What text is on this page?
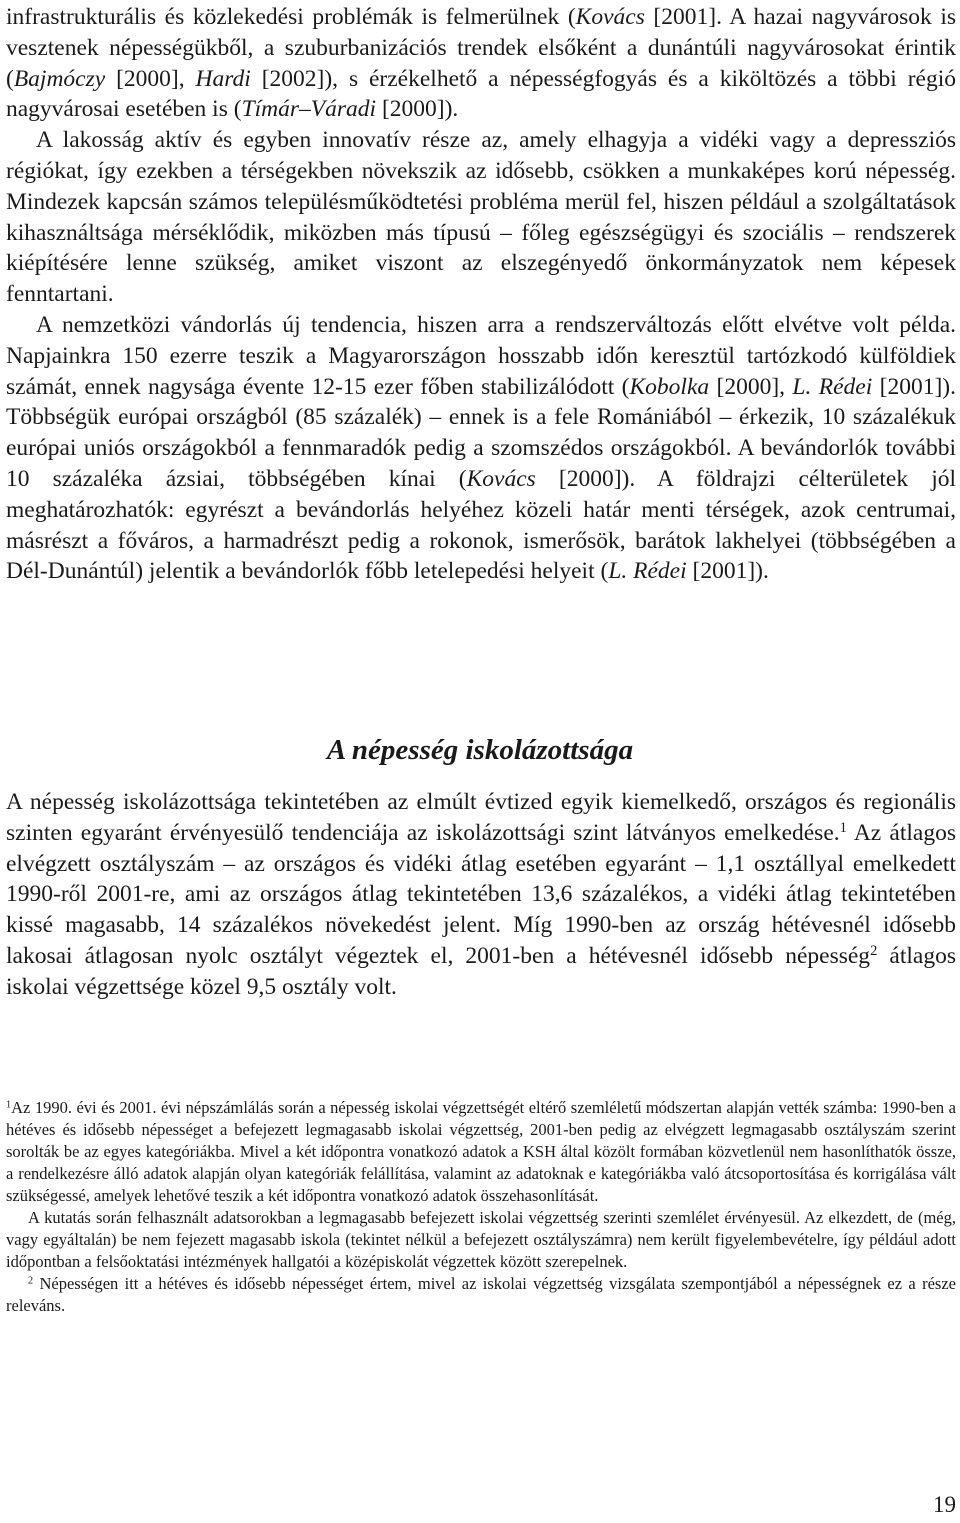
infrastrukturális és közlekedési problémák is felmerülnek (Kovács [2001]. A hazai nagyvárosok is vesztenek népességükből, a szuburbanizációs trendek elsőként a dunántúli nagyvárosokat érintik (Bajmóczy [2000], Hardi [2002]), s érzékelhető a népességfogyás és a kiköltözés a többi régió nagyvárosai esetében is (Tímár–Váradi [2000]).

A lakosság aktív és egyben innovatív része az, amely elhagyja a vidéki vagy a depressziós régiókat, így ezekben a térségekben növekszik az idősebb, csökken a munkaképes korú népesség. Mindezek kapcsán számos településműködtetési probléma merül fel, hiszen például a szolgáltatások kihasználtsága mérséklődik, miközben más típusú – főleg egészségügyi és szociális – rendszerek kiépítésére lenne szükség, amiket viszont az elszegényedő önkormányzatok nem képesek fenntartani.

A nemzetközi vándorlás új tendencia, hiszen arra a rendszerváltozás előtt elvétve volt példa. Napjainkra 150 ezerre teszik a Magyarországon hosszabb időn keresztül tartózkodó külföldiek számát, ennek nagysága évente 12-15 ezer főben stabilizálódott (Kobolka [2000], L. Rédei [2001]). Többségük európai országból (85 százalék) – ennek is a fele Romániából – érkezik, 10 százalékuk európai uniós országokból a fennmaradók pedig a szomszédos országokból. A bevándorlók további 10 százaléka ázsiai, többségében kínai (Kovács [2000]). A földrajzi célterületek jól meghatározhatók: egyrészt a bevándorlás helyéhez közeli határ menti térségek, azok centrumai, másrészt a főváros, a harmadrészt pedig a rokonok, ismerősök, barátok lakhelyei (többségében a Dél-Dunántúl) jelentik a bevándorlók főbb letelepedési helyeit (L. Rédei [2001]).

A népesség iskolázottsága

A népesség iskolázottsága tekintetében az elmúlt évtized egyik kiemelkedő, országos és regionális szinten egyaránt érvényesülő tendenciája az iskolázottsági szint látványos emelkedése.$^1$ Az átlagos elvégzett osztályszám – az országos és vidéki átlag esetében egyaránt – 1,1 osztállyal emelkedett 1990-ről 2001-re, ami az országos átlag tekintetében 13,6 százalékos, a vidéki átlag tekintetében kissé magasabb, 14 százalékos növekedést jelent. Míg 1990-ben az ország hétévesnél idősebb lakosai átlagosan nyolc osztályt végeztek el, 2001-ben a hétévesnél idősebb népesség$^2$ átlagos iskolai végzettsége közel 9,5 osztály volt.

$^1$Az 1990. évi és 2001. évi népszámlálás során a népesség iskolai végzettségét eltérő szemléletű módszertan alapján vették számba: 1990-ben a hétéves és idősebb népességet a befejezett legmagasabb iskolai végzettség, 2001-ben pedig az elvégzett legmagasabb osztályszám szerint sorolták be az egyes kategóriákba. Mivel a két időpontra vonatkozó adatok a KSH által közölt formában közvetlenül nem hasonlíthatók össze, a rendelkezésre álló adatok alapján olyan kategóriák felállítása, valamint az adatoknak e kategóriákba való átcsoportosítása és korrigálása vált szükségessé, amelyek lehetővé teszik a két időpontra vonatkozó adatok összehasonlítását.

A kutatás során felhasznált adatsorokban a legmagasabb befejezett iskolai végzettség szerinti szemlélet érvényesül. Az elkezdett, de (még, vagy egyáltalán) be nem fejezett magasabb iskola (tekintet nélkül a befejezett osztályszámra) nem került figyelembevételre, így például adott időpontban a felsőoktatási intézmények hallgatói a középiskolát végzettek között szerepelnek.

$^2$ Népességen itt a hétéves és idősebb népességet értem, mivel az iskolai végzettség vizsgálata szempontjából a népességnek ez a része releváns.

19
